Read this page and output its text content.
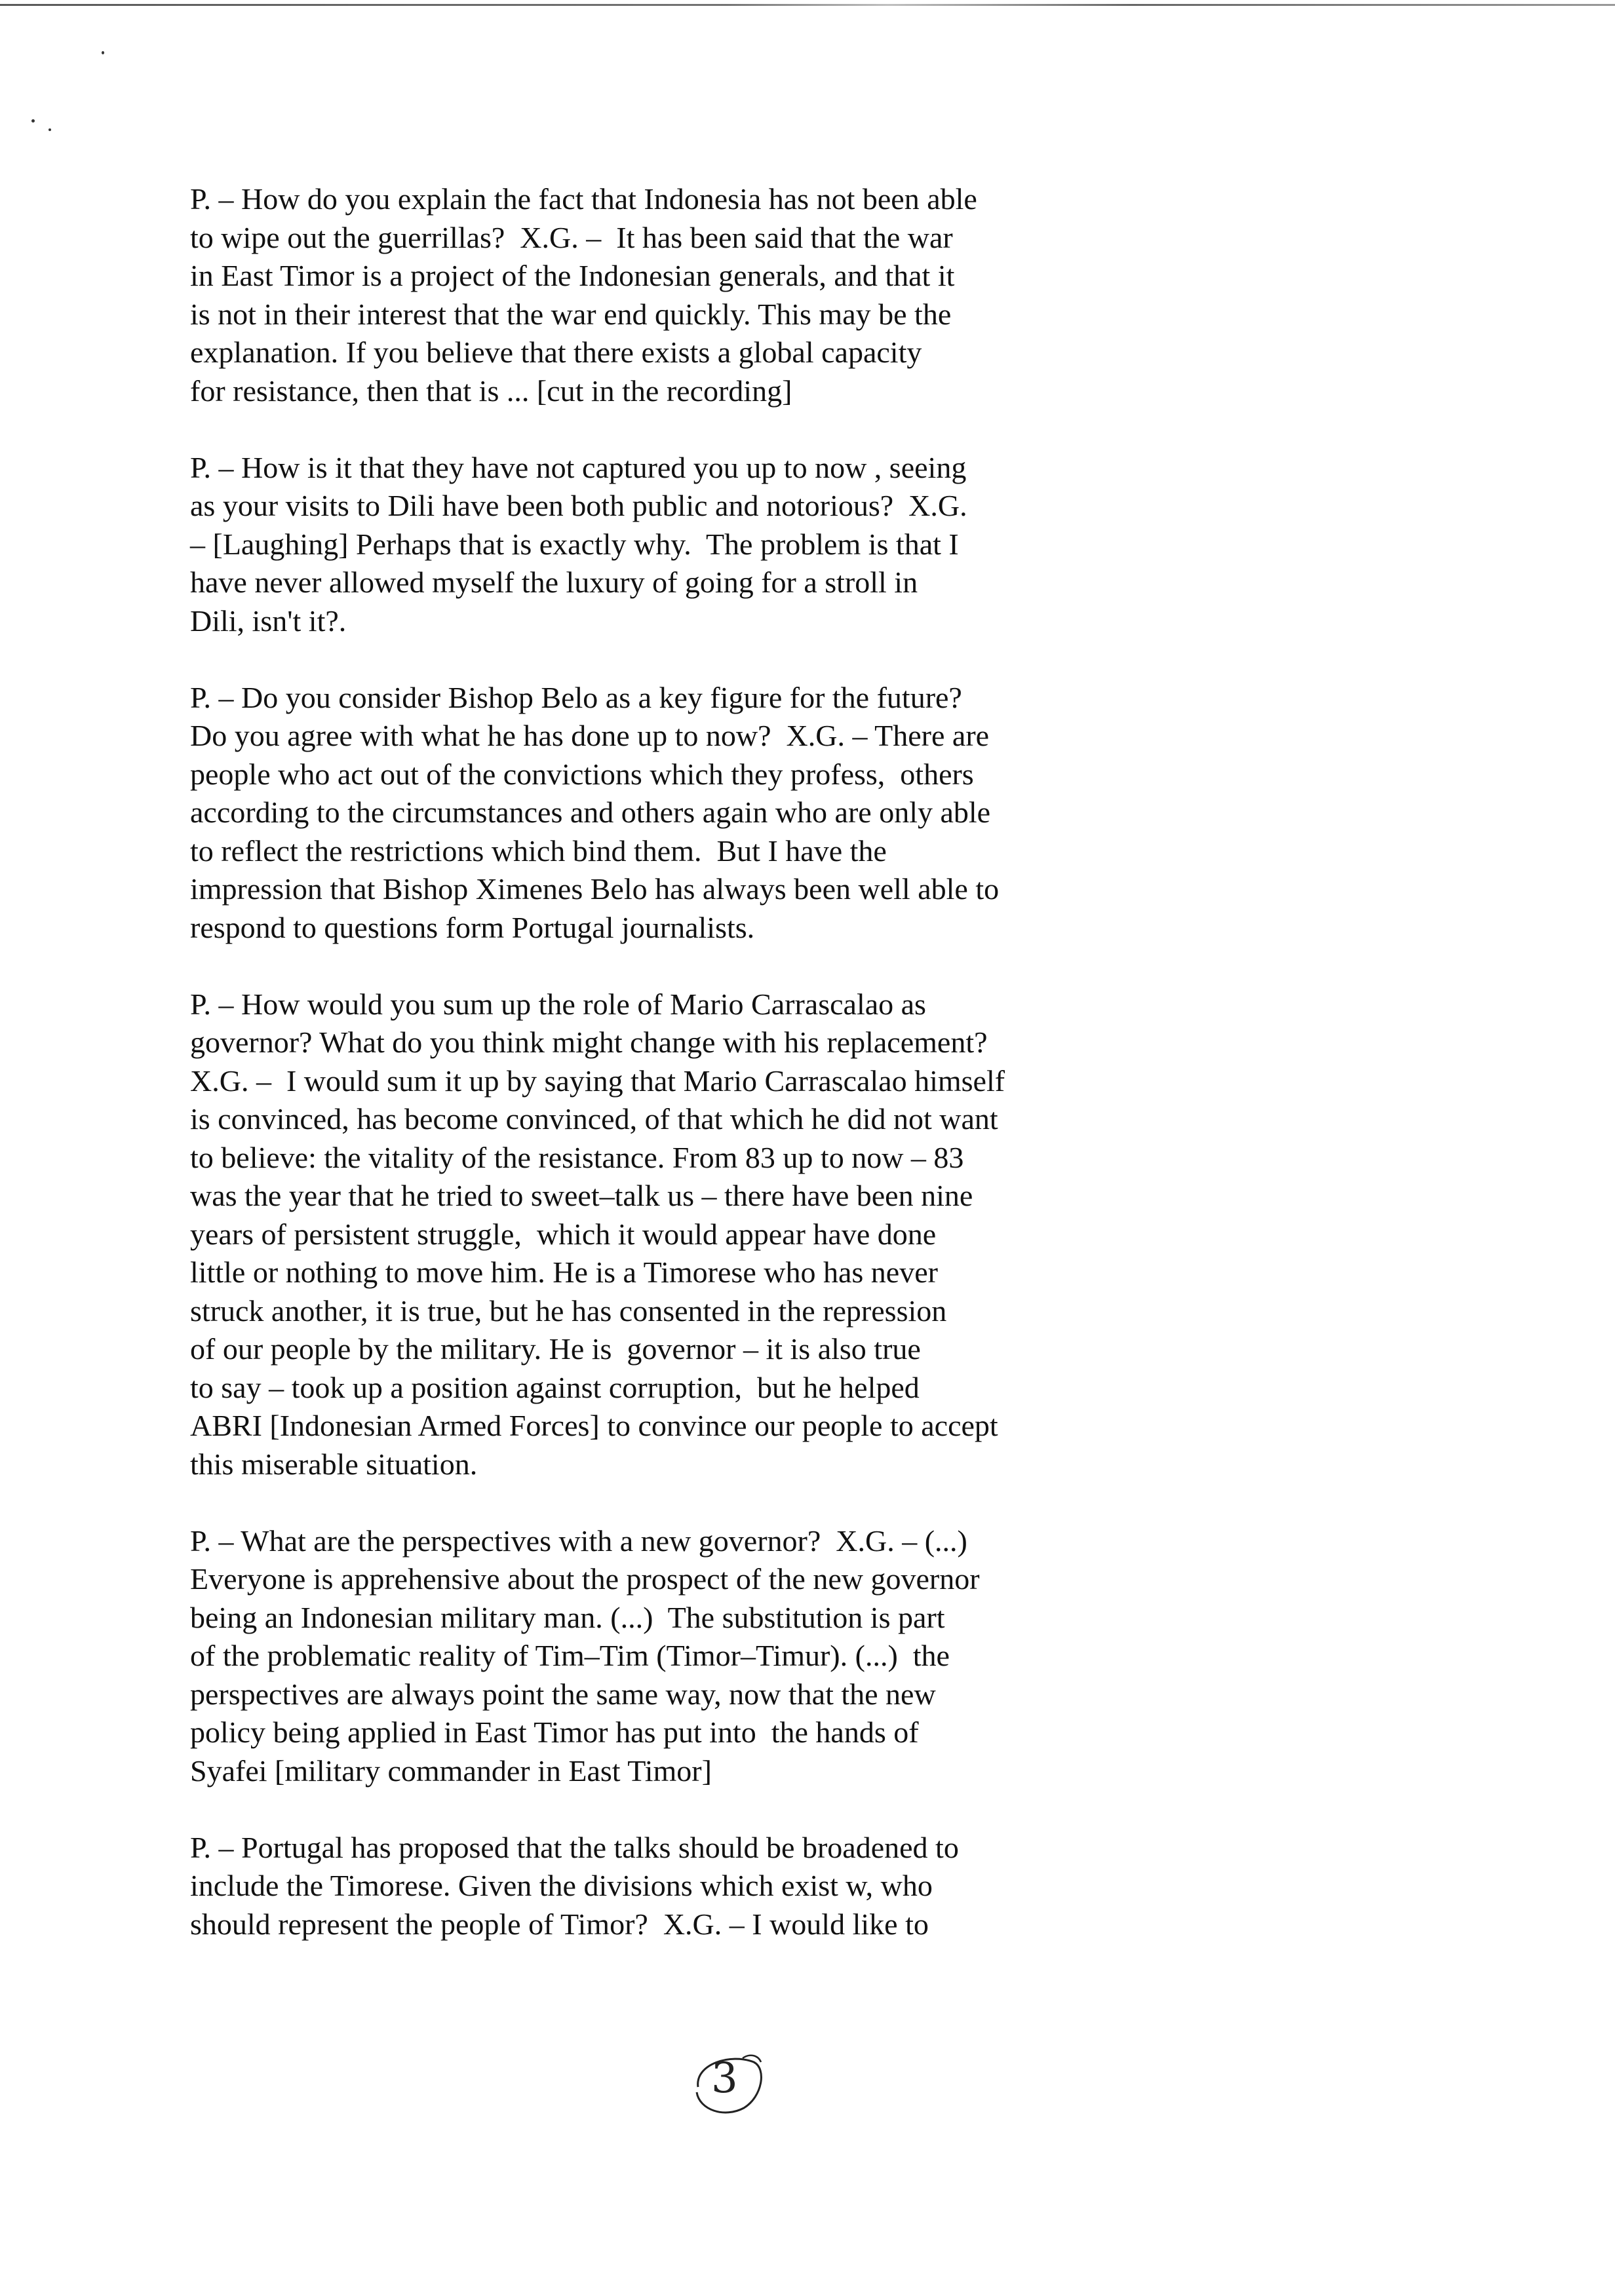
P. – How do you explain the fact that Indonesia has not been able
to wipe out the guerrillas?  X.G. –  It has been said that the war
in East Timor is a project of the Indonesian generals, and that it
is not in their interest that the war end quickly. This may be the
explanation. If you believe that there exists a global capacity
for resistance, then that is ... [cut in the recording]
P. – How is it that they have not captured you up to now , seeing
as your visits to Dili have been both public and notorious?  X.G.
– [Laughing] Perhaps that is exactly why.  The problem is that I
have never allowed myself the luxury of going for a stroll in
Dili, isn't it?.
P. – Do you consider Bishop Belo as a key figure for the future?
Do you agree with what he has done up to now?  X.G. – There are
people who act out of the convictions which they profess,  others
according to the circumstances and others again who are only able
to reflect the restrictions which bind them.  But I have the
impression that Bishop Ximenes Belo has always been well able to
respond to questions form Portugal journalists.
P. – How would you sum up the role of Mario Carrascalao as
governor? What do you think might change with his replacement?
X.G. –  I would sum it up by saying that Mario Carrascalao himself
is convinced, has become convinced, of that which he did not want
to believe: the vitality of the resistance. From 83 up to now – 83
was the year that he tried to sweet–talk us – there have been nine
years of persistent struggle,  which it would appear have done
little or nothing to move him. He is a Timorese who has never
struck another, it is true, but he has consented in the repression
of our people by the military. He is  governor – it is also true
to say – took up a position against corruption,  but he helped
ABRI [Indonesian Armed Forces] to convince our people to accept
this miserable situation.
P. – What are the perspectives with a new governor?  X.G. – (...)
Everyone is apprehensive about the prospect of the new governor
being an Indonesian military man. (...)  The substitution is part
of the problematic reality of Tim–Tim (Timor–Timur). (...)  the
perspectives are always point the same way, now that the new
policy being applied in East Timor has put into  the hands of
Syafei [military commander in East Timor]
P. – Portugal has proposed that the talks should be broadened to
include the Timorese. Given the divisions which exist w, who
should represent the people of Timor?  X.G. – I would like to
3
